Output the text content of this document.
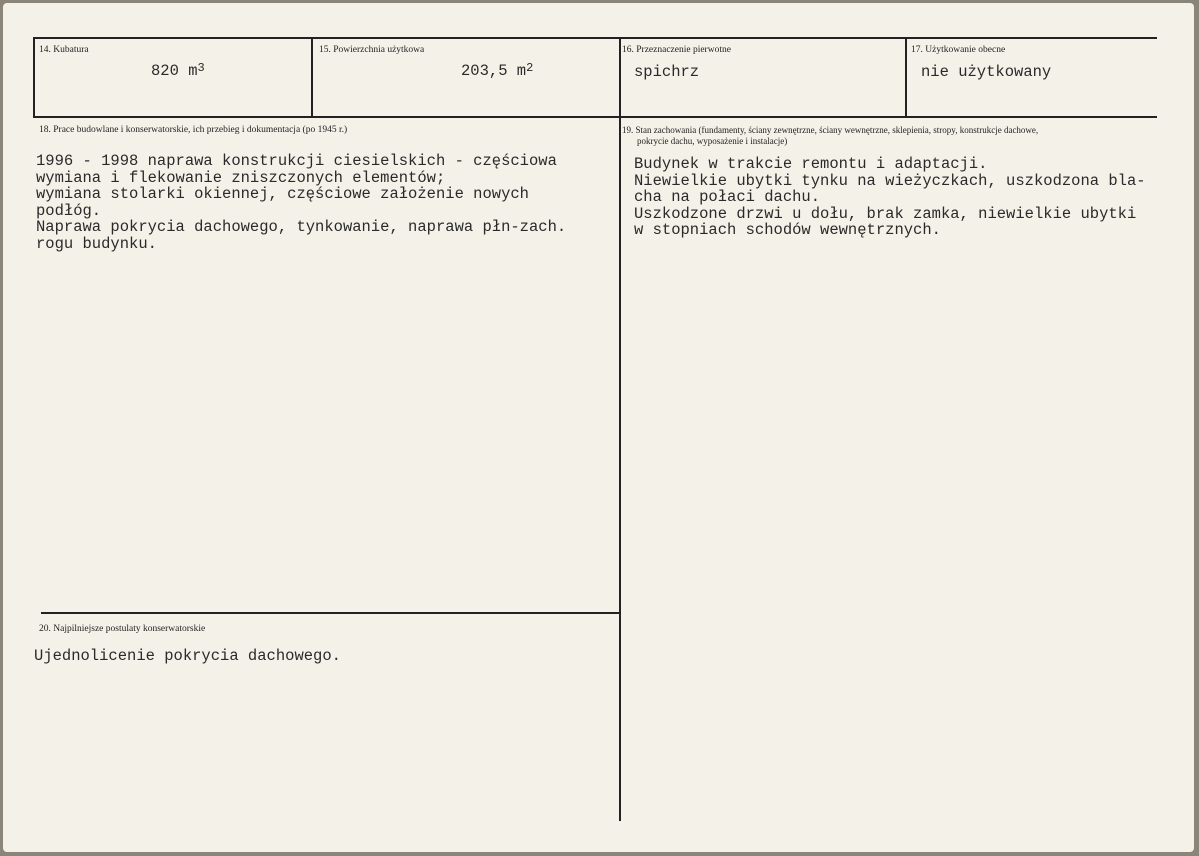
14. Kubatura
820 $m^3$
15. Powierzchnia użytkowa
203,5 $m^2$
16. Przeznaczenie pierwotne
spichrz
17. Użytkowanie obecne
nie użytkowany
18. Prace budowlane i konserwatorskie, ich przebieg i dokumentacja (po 1945 r.)
1996 - 1998 naprawa konstrukcji ciesielskich - częściowa
wymiana i flekowanie zniszczonych elementów;
wymiana stolarki okiennej, częściowe założenie nowych
podłóg.
Naprawa pokrycia dachowego, tynkowanie, naprawa płn-zach.
rogu budynku.
19. Stan zachowania (fundamenty, ściany zewnętrzne, ściany wewnętrzne, sklepienia, stropy, konstrukcje dachowe,
pokrycie dachu, wyposażenie i instalacje)
Budynek w trakcie remontu i adaptacji.
Niewielkie ubytki tynku na wieżyczkach, uszkodzona bla-
cha na połaci dachu.
Uszkodzone drzwi u dołu, brak zamka, niewielkie ubytki
w stopniach schodów wewnętrznych.
20. Najpilniejsze postulaty konserwatorskie
Ujednolicenie pokrycia dachowego.
